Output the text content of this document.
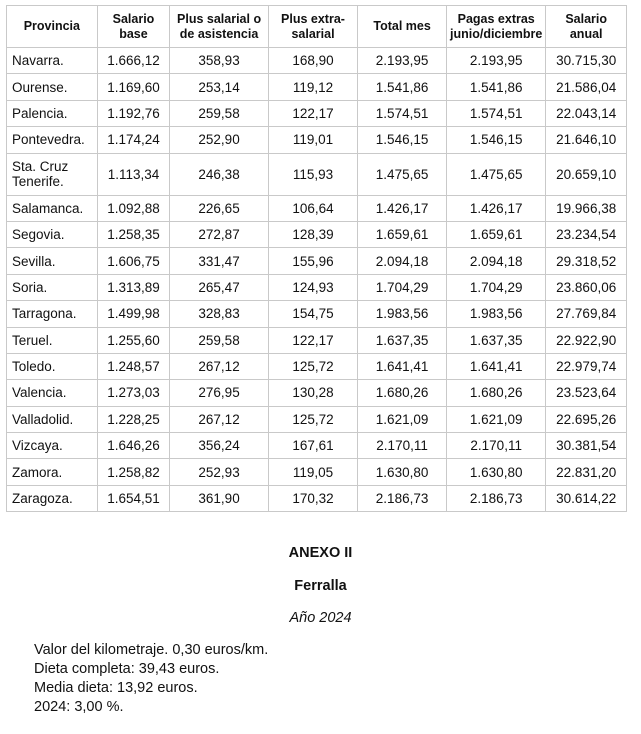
Provincia	Salario base	Plus salarial o de asistencia	Plus extra-salarial	Total mes	Pagas extras junio/diciembre	Salario anual
Navarra.	1.666,12	358,93	168,90	2.193,95	2.193,95	30.715,30
Ourense.	1.169,60	253,14	119,12	1.541,86	1.541,86	21.586,04
Palencia.	1.192,76	259,58	122,17	1.574,51	1.574,51	22.043,14
Pontevedra.	1.174,24	252,90	119,01	1.546,15	1.546,15	21.646,10
Sta. Cruz Tenerife.	1.113,34	246,38	115,93	1.475,65	1.475,65	20.659,10
Salamanca.	1.092,88	226,65	106,64	1.426,17	1.426,17	19.966,38
Segovia.	1.258,35	272,87	128,39	1.659,61	1.659,61	23.234,54
Sevilla.	1.606,75	331,47	155,96	2.094,18	2.094,18	29.318,52
Soria.	1.313,89	265,47	124,93	1.704,29	1.704,29	23.860,06
Tarragona.	1.499,98	328,83	154,75	1.983,56	1.983,56	27.769,84
Teruel.	1.255,60	259,58	122,17	1.637,35	1.637,35	22.922,90
Toledo.	1.248,57	267,12	125,72	1.641,41	1.641,41	22.979,74
Valencia.	1.273,03	276,95	130,28	1.680,26	1.680,26	23.523,64
Valladolid.	1.228,25	267,12	125,72	1.621,09	1.621,09	22.695,26
Vizcaya.	1.646,26	356,24	167,61	2.170,11	2.170,11	30.381,54
Zamora.	1.258,82	252,93	119,05	1.630,80	1.630,80	22.831,20
Zaragoza.	1.654,51	361,90	170,32	2.186,73	2.186,73	30.614,22
ANEXO II
Ferralla
Año 2024
Valor del kilometraje. 0,30 euros/km.
Dieta completa: 39,43 euros.
Media dieta: 13,92 euros.
2024: 3,00 %.
